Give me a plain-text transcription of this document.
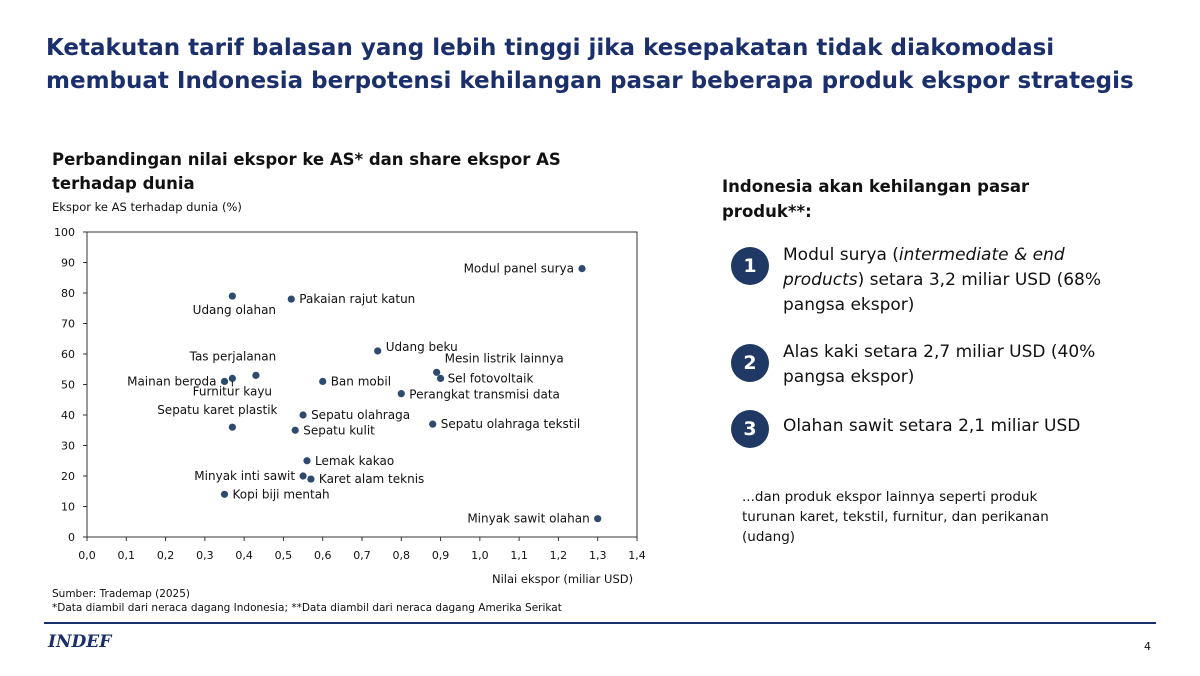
Ketakutan tarif balasan yang lebih tinggi jika kesepakatan tidak diakomodasi
membuat Indonesia berpotensi kehilangan pasar beberapa produk ekspor strategis
Perbandingan nilai ekspor ke AS* dan share ekspor AS
terhadap dunia
Ekspor ke AS terhadap dunia (%)
0
10
20
30
40
50
60
70
80
90
100
0,0 0,1 0,2 0,3 0,4 0,5 0,6 0,7 0,8 0,9 1,0 1,1 1,2 1,3 1,4
Modul panel surya
Pakaian rajut katun
Udang olahan
Udang beku
Tas perjalanan	Mesin listrik lainnya
Sel fotovoltaik
Mainan beroda
Furnitur kayu
Ban mobil
Perangkat transmisi data
Sepatu karet plastik	Sepatu olahraga
Sepatu kulit	Sepatu olahraga tekstil
Lemak kakao
Minyak inti sawit Karet alam teknis
Kopi biji mentah
Minyak sawit olahan
Nilai ekspor (miliar USD)
Sumber: Trademap (2025)
*Data diambil dari neraca dagang Indonesia; **Data diambil dari neraca dagang Amerika Serikat
Indonesia akan kehilangan pasar
produk**:
1	Modul surya (intermediate & end products) setara 3,2 miliar USD (68% pangsa ekspor)
2	Alas kaki setara 2,7 miliar USD (40% pangsa ekspor)
3	Olahan sawit setara 2,1 miliar USD
...dan produk ekspor lainnya seperti produk turunan karet, tekstil, furnitur, dan perikanan (udang)
INDEF	4
